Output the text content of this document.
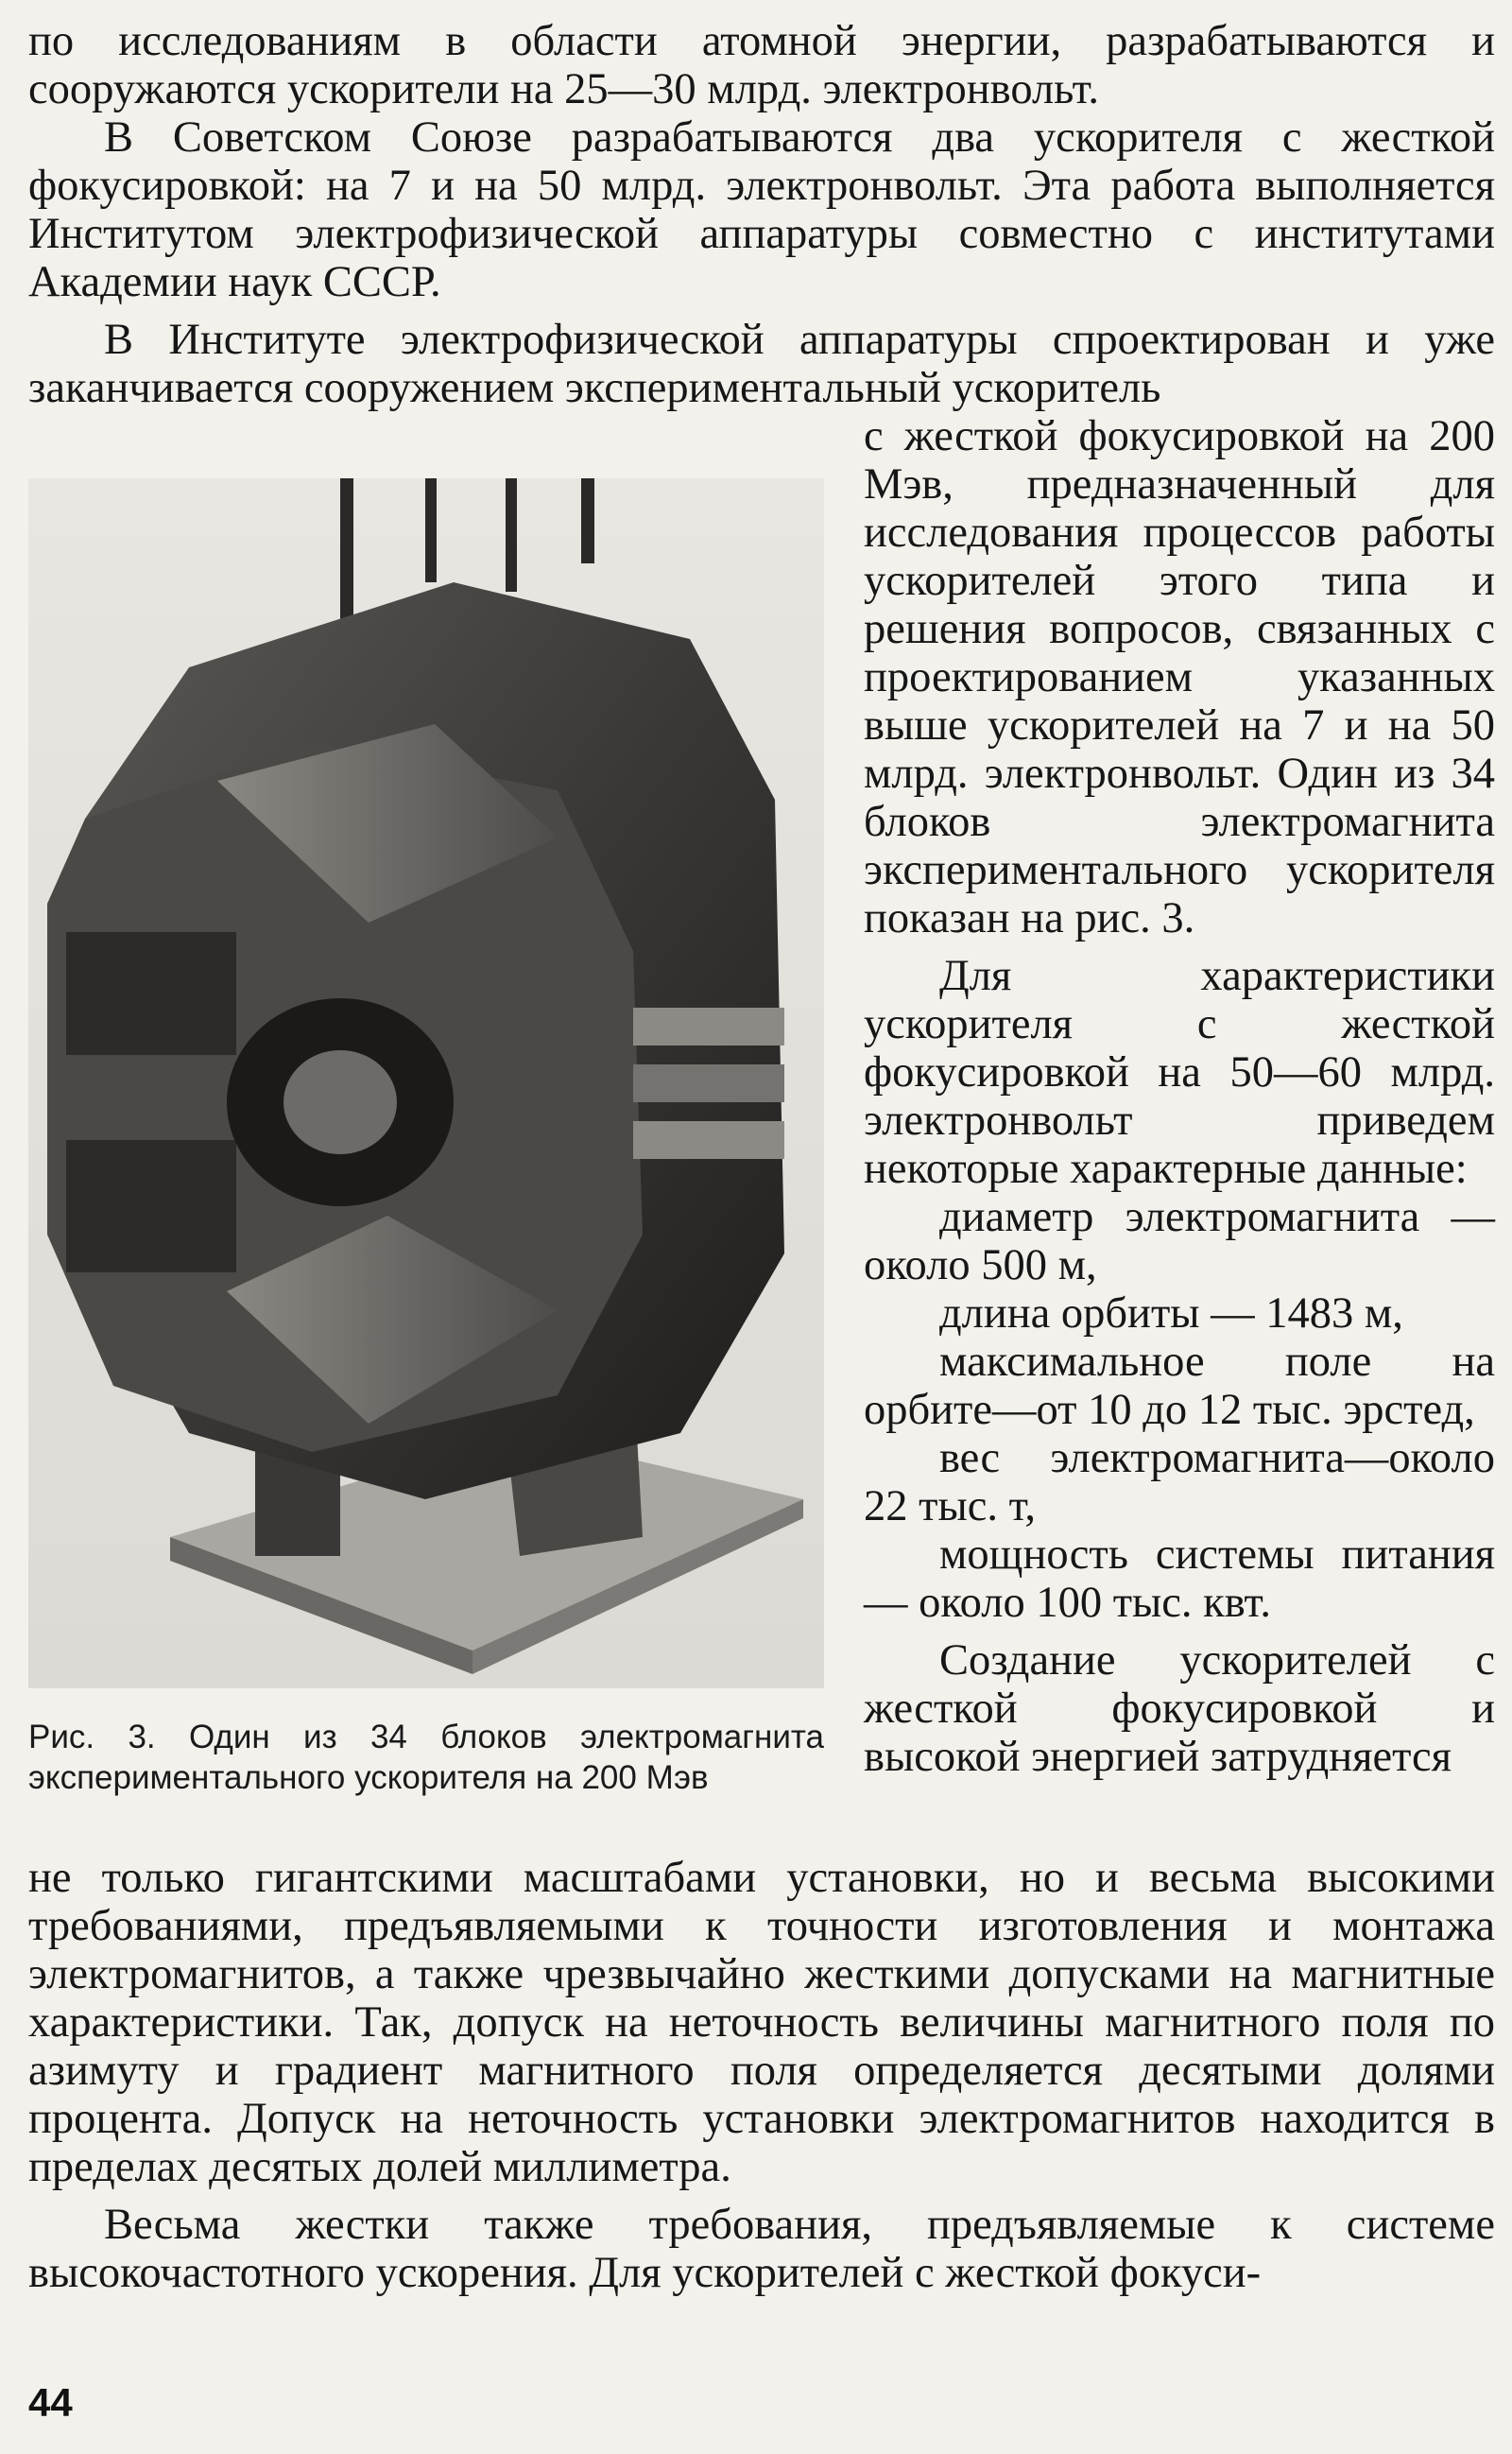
по исследованиям в области атомной энергии, разрабатываются и сооружаются ускорители на 25—30 млрд. электронвольт.

В Советском Союзе разрабатываются два ускорителя с жесткой фокусировкой: на 7 и на 50 млрд. электронвольт. Эта работа выполняется Институтом электрофизической аппаратуры совместно с институтами Академии наук СССР.

В Институте электрофизической аппаратуры спроектирован и уже заканчивается сооружением экспериментальный ускоритель

Рис. 3. Один из 34 блоков электромагнита экспериментального ускорителя на 200 Мэв

с жесткой фокусировкой на 200 Мэв, предназначенный для исследования процессов работы ускорителей этого типа и решения вопросов, связанных с проектированием указанных выше ускорителей на 7 и на 50 млрд. электронвольт. Один из 34 блоков электромагнита экспериментального ускорителя показан на рис. 3.

Для характеристики ускорителя с жесткой фокусировкой на 50—60 млрд. электронвольт приведем некоторые характерные данные:

диаметр электромагнита — около 500 м,
длина орбиты — 1483 м,
максимальное поле на орбите—от 10 до 12 тыс. эрстед,
вес электромагнита—около 22 тыс. т,
мощность системы питания — около 100 тыс. квт.

Создание ускорителей с жесткой фокусировкой и высокой энергией затрудняется

не только гигантскими масштабами установки, но и весьма высокими требованиями, предъявляемыми к точности изготовления и монтажа электромагнитов, а также чрезвычайно жесткими допусками на магнитные характеристики. Так, допуск на неточность величины магнитного поля по азимуту и градиент магнитного поля определяется десятыми долями процента. Допуск на неточность установки электромагнитов находится в пределах десятых долей миллиметра.

Весьма жестки также требования, предъявляемые к системе высокочастотного ускорения. Для ускорителей с жесткой фокуси-

44
